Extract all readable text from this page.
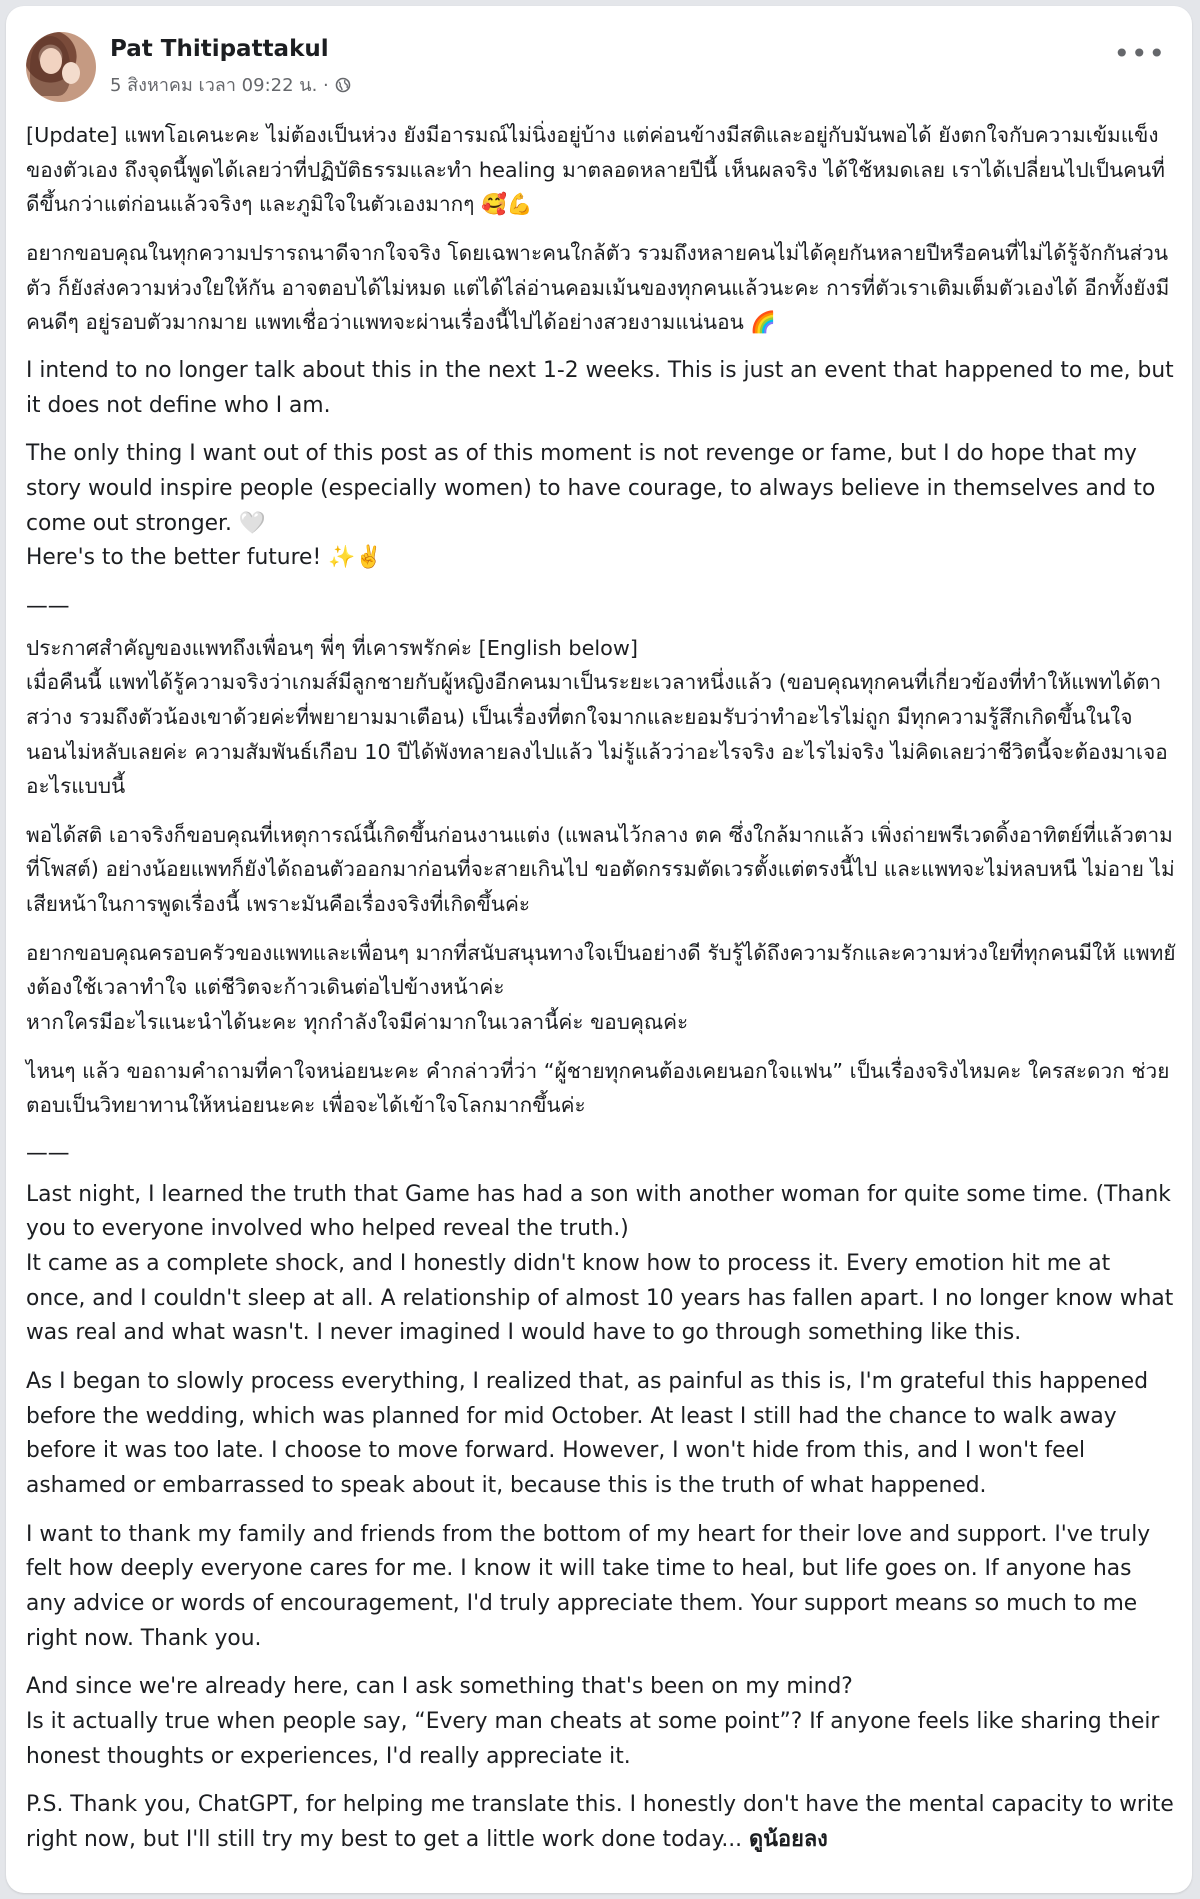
Pat Thitipattakul
5 สิงหาคม เวลา 09:22 น. ·
•••

[Update] แพทโอเคนะคะ ไม่ต้องเป็นห่วง ยังมีอารมณ์ไม่นิ่งอยู่บ้าง แต่ค่อนข้างมีสติและอยู่กับมันพอได้ ยังตกใจกับความเข้มแข็งของตัวเอง ถึงจุดนี้พูดได้เลยว่าที่ปฏิบัติธรรมและทำ healing มาตลอดหลายปีนี้ เห็นผลจริง ได้ใช้หมดเลย เราได้เปลี่ยนไปเป็นคนที่ดีขึ้นกว่าแต่ก่อนแล้วจริงๆ และภูมิใจในตัวเองมากๆ 🥰💪

อยากขอบคุณในทุกความปรารถนาดีจากใจจริง โดยเฉพาะคนใกล้ตัว รวมถึงหลายคนไม่ได้คุยกันหลายปีหรือคนที่ไม่ได้รู้จักกันส่วนตัว ก็ยังส่งความห่วงใยให้กัน อาจตอบได้ไม่หมด แต่ได้ไล่อ่านคอมเม้นของทุกคนแล้วนะคะ การที่ตัวเราเติมเต็มตัวเองได้ อีกทั้งยังมีคนดีๆ อยู่รอบตัวมากมาย แพทเชื่อว่าแพทจะผ่านเรื่องนี้ไปได้อย่างสวยงามแน่นอน 🌈

I intend to no longer talk about this in the next 1-2 weeks. This is just an event that happened to me, but it does not define who I am.

The only thing I want out of this post as of this moment is not revenge or fame, but I do hope that my story would inspire people (especially women) to have courage, to always believe in themselves and to come out stronger. 🤍
Here's to the better future! ✨✌️

——

ประกาศสำคัญของแพทถึงเพื่อนๆ พี่ๆ ที่เคารพรักค่ะ [English below]
เมื่อคืนนี้ แพทได้รู้ความจริงว่าเกมส์มีลูกชายกับผู้หญิงอีกคนมาเป็นระยะเวลาหนึ่งแล้ว (ขอบคุณทุกคนที่เกี่ยวข้องที่ทำให้แพทได้ตาสว่าง รวมถึงตัวน้องเขาด้วยค่ะที่พยายามมาเตือน) เป็นเรื่องที่ตกใจมากและยอมรับว่าทำอะไรไม่ถูก มีทุกความรู้สึกเกิดขึ้นในใจ นอนไม่หลับเลยค่ะ ความสัมพันธ์เกือบ 10 ปีได้พังทลายลงไปแล้ว ไม่รู้แล้วว่าอะไรจริง อะไรไม่จริง ไม่คิดเลยว่าชีวิตนี้จะต้องมาเจออะไรแบบนี้

พอได้สติ เอาจริงก็ขอบคุณที่เหตุการณ์นี้เกิดขึ้นก่อนงานแต่ง (แพลนไว้กลาง ตค ซึ่งใกล้มากแล้ว เพิ่งถ่ายพรีเวดดิ้งอาทิตย์ที่แล้วตามที่โพสต์) อย่างน้อยแพทก็ยังได้ถอนตัวออกมาก่อนที่จะสายเกินไป ขอตัดกรรมตัดเวรตั้งแต่ตรงนี้ไป และแพทจะไม่หลบหนี ไม่อาย ไม่เสียหน้าในการพูดเรื่องนี้ เพราะมันคือเรื่องจริงที่เกิดขึ้นค่ะ

อยากขอบคุณครอบครัวของแพทและเพื่อนๆ มากที่สนับสนุนทางใจเป็นอย่างดี รับรู้ได้ถึงความรักและความห่วงใยที่ทุกคนมีให้ แพทยังต้องใช้เวลาทำใจ แต่ชีวิตจะก้าวเดินต่อไปข้างหน้าค่ะ
หากใครมีอะไรแนะนำได้นะคะ ทุกกำลังใจมีค่ามากในเวลานี้ค่ะ ขอบคุณค่ะ

ไหนๆ แล้ว ขอถามคำถามที่คาใจหน่อยนะคะ คำกล่าวที่ว่า “ผู้ชายทุกคนต้องเคยนอกใจแฟน” เป็นเรื่องจริงไหมคะ ใครสะดวก ช่วยตอบเป็นวิทยาทานให้หน่อยนะคะ เพื่อจะได้เข้าใจโลกมากขึ้นค่ะ

——

Last night, I learned the truth that Game has had a son with another woman for quite some time. (Thank you to everyone involved who helped reveal the truth.)
It came as a complete shock, and I honestly didn't know how to process it. Every emotion hit me at once, and I couldn't sleep at all. A relationship of almost 10 years has fallen apart. I no longer know what was real and what wasn't. I never imagined I would have to go through something like this.

As I began to slowly process everything, I realized that, as painful as this is, I'm grateful this happened before the wedding, which was planned for mid October. At least I still had the chance to walk away before it was too late. I choose to move forward. However, I won't hide from this, and I won't feel ashamed or embarrassed to speak about it, because this is the truth of what happened.

I want to thank my family and friends from the bottom of my heart for their love and support. I've truly felt how deeply everyone cares for me. I know it will take time to heal, but life goes on. If anyone has any advice or words of encouragement, I'd truly appreciate them. Your support means so much to me right now. Thank you.

And since we're already here, can I ask something that's been on my mind?
Is it actually true when people say, “Every man cheats at some point”? If anyone feels like sharing their honest thoughts or experiences, I'd really appreciate it.

P.S. Thank you, ChatGPT, for helping me translate this. I honestly don't have the mental capacity to write right now, but I'll still try my best to get a little work done today... ดูน้อยลง
